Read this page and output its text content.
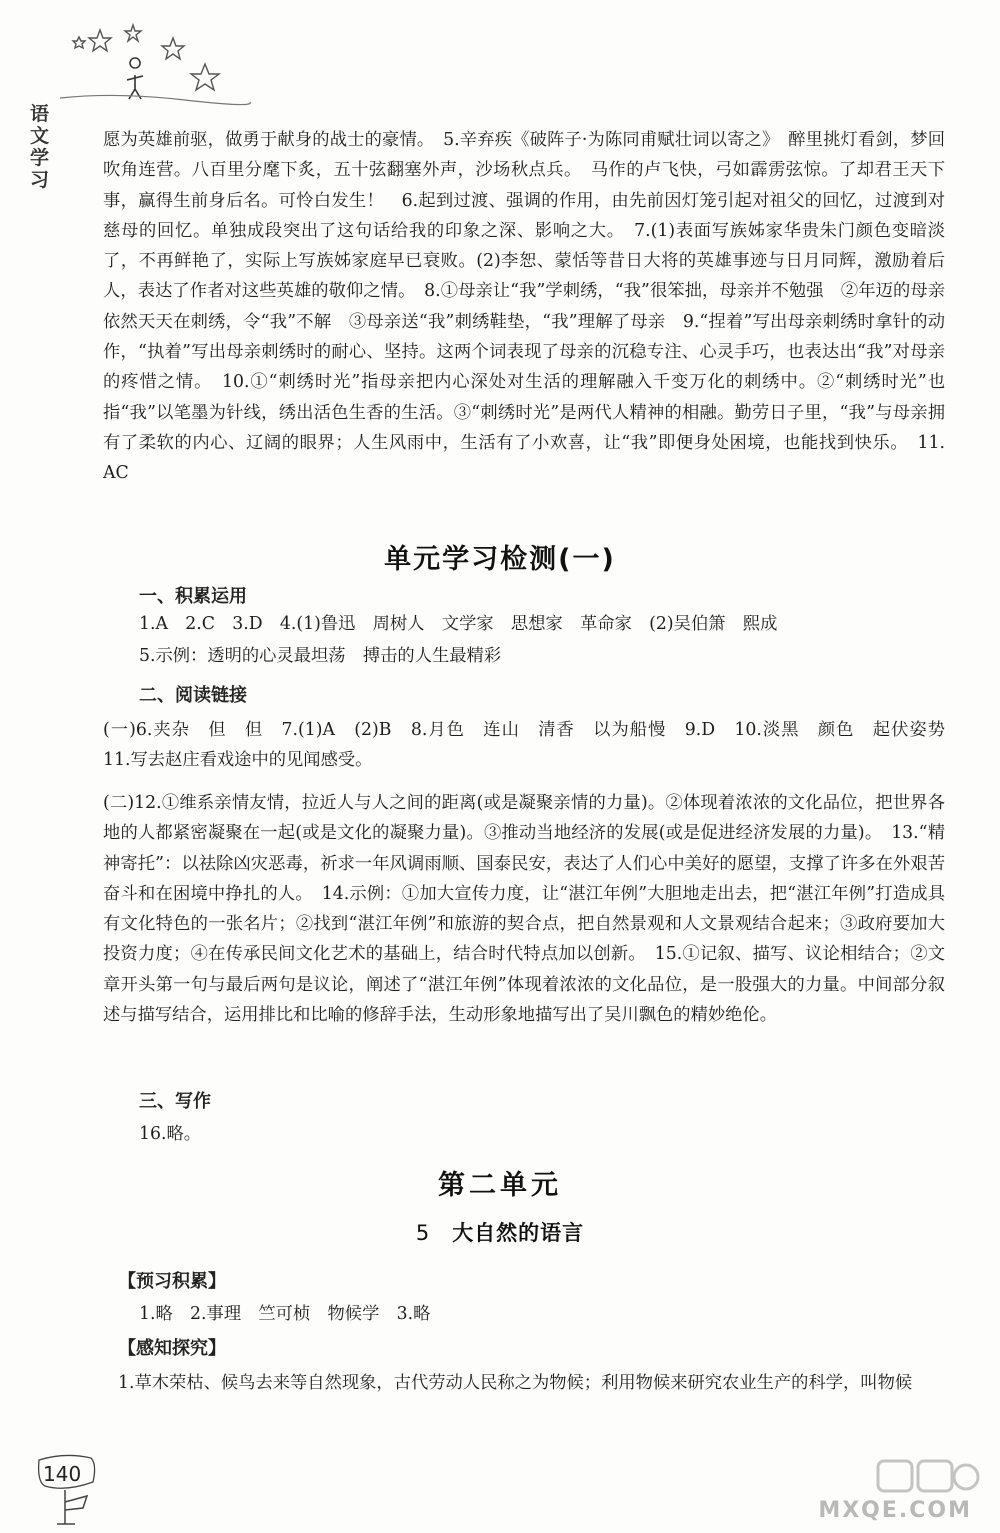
语文学习
愿为英雄前驱，做勇于献身的战士的豪情。　5.辛弃疾《破阵子·为陈同甫赋壮词以寄之》　醉里挑灯看剑，梦回吹角连营。八百里分麾下炙，五十弦翻塞外声，沙场秋点兵。　马作的卢飞快，弓如霹雳弦惊。了却君王天下事，赢得生前身后名。可怜白发生！　6.起到过渡、强调的作用，由先前因灯笼引起对祖父的回忆，过渡到对慈母的回忆。单独成段突出了这句话给我的印象之深、影响之大。　7.(1)表面写族姊家华贵朱门颜色变暗淡了，不再鲜艳了，实际上写族姊家庭早已衰败。(2)李恕、蒙恬等昔日大将的英雄事迹与日月同辉，激励着后人，表达了作者对这些英雄的敬仰之情。　8.①母亲让“我”学刺绣，“我”很笨拙，母亲并不勉强　②年迈的母亲依然天天在刺绣，令“我”不解　③母亲送“我”刺绣鞋垫，“我”理解了母亲　9.“捏着”写出母亲刺绣时拿针的动作，“执着”写出母亲刺绣时的耐心、坚持。这两个词表现了母亲的沉稳专注、心灵手巧，也表达出“我”对母亲的疼惜之情。　10.①“刺绣时光”指母亲把内心深处对生活的理解融入千变万化的刺绣中。②“刺绣时光”也指“我”以笔墨为针线，绣出活色生香的生活。③“刺绣时光”是两代人精神的相融。勤劳日子里，“我”与母亲拥有了柔软的内心、辽阔的眼界；人生风雨中，生活有了小欢喜，让“我”即便身处困境，也能找到快乐。　11. AC
单元学习检测(一)
一、积累运用
1.A　2.C　3.D　4.(1)鲁迅　周树人　文学家　思想家　革命家　(2)吴伯箫　熙成
5.示例：透明的心灵最坦荡　搏击的人生最精彩
二、阅读链接
(一)6.夹杂　但　但　7.(1)A　(2)B　8.月色　连山　清香　以为船慢　9.D　10.淡黑　颜色　起伏姿势　11.写去赵庄看戏途中的见闻感受。
(二)12.①维系亲情友情，拉近人与人之间的距离(或是凝聚亲情的力量)。②体现着浓浓的文化品位，把世界各地的人都紧密凝聚在一起(或是文化的凝聚力量)。③推动当地经济的发展(或是促进经济发展的力量)。　13.“精神寄托”：以祛除凶灾恶毒，祈求一年风调雨顺、国泰民安，表达了人们心中美好的愿望，支撑了许多在外艰苦奋斗和在困境中挣扎的人。　14.示例：①加大宣传力度，让“湛江年例”大胆地走出去，把“湛江年例”打造成具有文化特色的一张名片；②找到“湛江年例”和旅游的契合点，把自然景观和人文景观结合起来；③政府要加大投资力度；④在传承民间文化艺术的基础上，结合时代特点加以创新。　15.①记叙、描写、议论相结合；②文章开头第一句与最后两句是议论，阐述了“湛江年例”体现着浓浓的文化品位，是一股强大的力量。中间部分叙述与描写结合，运用排比和比喻的修辞手法，生动形象地描写出了吴川飘色的精妙绝伦。
三、写作
16.略。
第二单元
5 大自然的语言
【预习积累】
1.略　2.事理　竺可桢　物候学　3.略
【感知探究】
1.草木荣枯、候鸟去来等自然现象，古代劳动人民称之为物候；利用物候来研究农业生产的科学，叫物候
140
MXQE.COM
